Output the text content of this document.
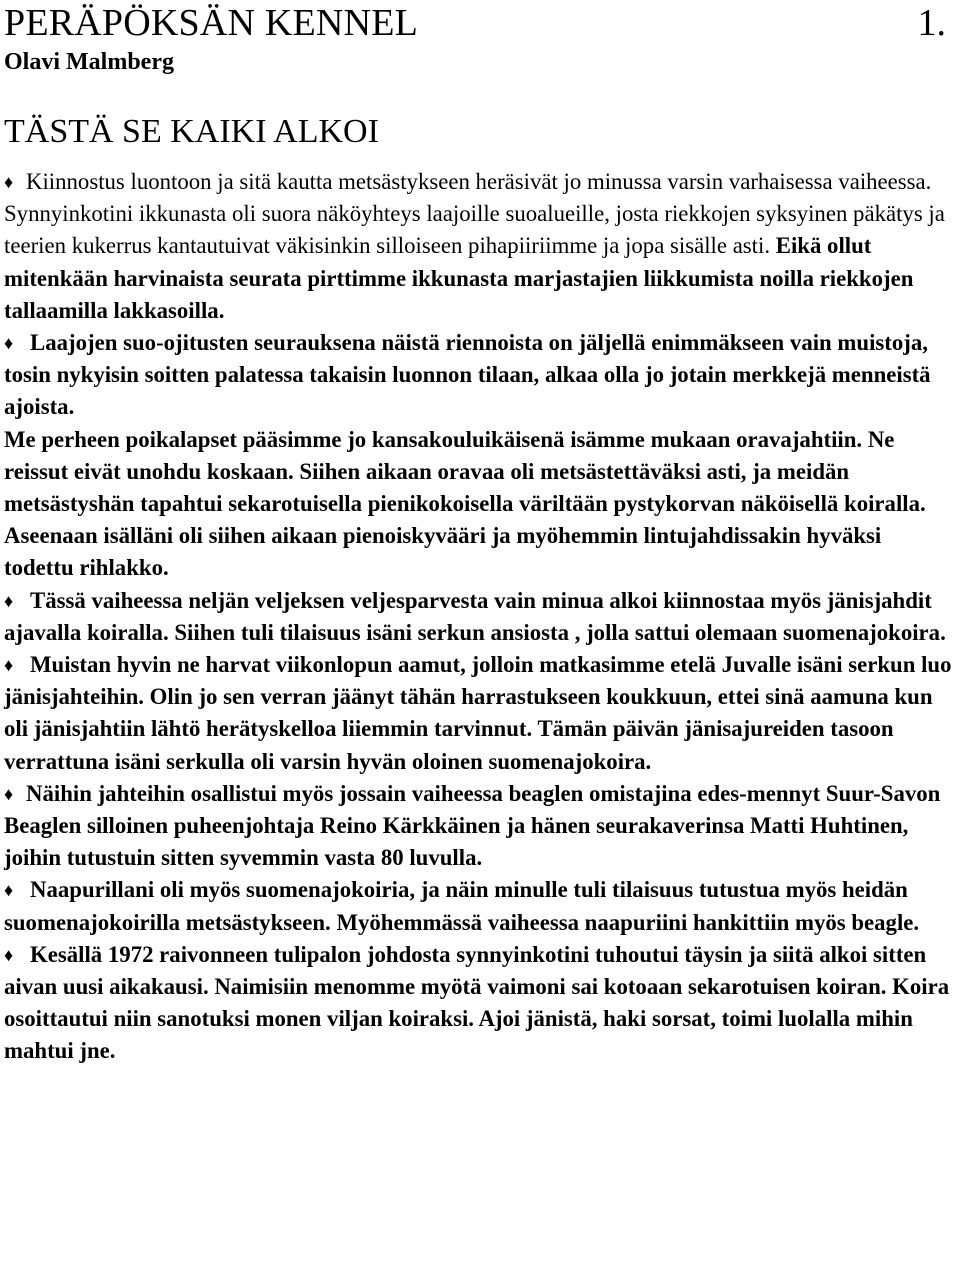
PERÄPÖKSÄN KENNEL	1.

Olavi Malmberg

TÄSTÄ SE KAIKI ALKOI

♦Kiinnostus luontoon ja sitä kautta metsästykseen heräsivät jo minussa varsin varhaisessa vaiheessa. Synnyinkotini ikkunasta oli suora näköyhteys laajoille suoalueille, josta riekkojen syksyinen päkätys ja teerien kukerrus kantautuivat väkisinkin silloiseen pihapiiriimme ja jopa sisälle asti. Eikä ollut mitenkään harvinaista seurata pirttimme ikkunasta marjastajien liikkumista noilla riekkojen tallaamilla lakkasoilla.

♦Laajojen suo-ojitusten seurauksena näistä riennoista on jäljellä enimmäkseen vain muistoja, tosin nykyisin soitten palatessa takaisin luonnon tilaan, alkaa olla jo jotain merkkejä menneistä ajoista.

Me perheen poikalapset pääsimme jo kansakouluikäisenä isämme mukaan oravajahtiin. Ne reissut eivät unohdu koskaan. Siihen aikaan oravaa oli metsästettäväksi asti, ja meidän metsästyshän tapahtui sekarotuisella pienikokoisella väriltään pystykorvan näköisellä koiralla. Aseenaan isälläni oli siihen aikaan pienoiskyvääri ja myöhemmin lintujahdissakin hyväksi todettu rihlakko.

♦Tässä vaiheessa neljän veljeksen veljesparvesta vain minua alkoi kiinnostaa myös jänisjahdit ajavalla koiralla. Siihen tuli tilaisuus isäni serkun ansiosta , jolla sattui olemaan suomenajokoira.

♦Muistan hyvin ne harvat viikonlopun aamut, jolloin matkasimme etelä Juvalle isäni serkun luo jänisjahteihin. Olin jo sen verran jäänyt tähän harrastukseen koukkuun, ettei sinä aamuna kun oli jänisjahtiin lähtö herätyskelloa liiemmin tarvinnut. Tämän päivän jänisajureiden tasoon verrattuna isäni serkulla oli varsin hyvän oloinen suomenajokoira.

♦Näihin jahteihin osallistui myös jossain vaiheessa beaglen omistajina edes-mennyt Suur-Savon Beaglen silloinen puheenjohtaja Reino Kärkkäinen ja hänen seurakaverinsa Matti Huhtinen, joihin tutustuin sitten syvemmin vasta 80 luvulla.

♦Naapurillani oli myös suomenajokoiria, ja näin minulle tuli tilaisuus tutustua myös heidän suomenajokoirilla metsästykseen. Myöhemmässä vaiheessa naapuriini hankittiin myös beagle.

♦Kesällä 1972 raivonneen tulipalon johdosta synnyinkotini tuhoutui täysin ja siitä alkoi sitten aivan uusi aikakausi. Naimisiin menomme myötä vaimoni sai kotoaan sekarotuisen koiran. Koira osoittautui niin sanotuksi monen viljan koiraksi. Ajoi jänistä, haki sorsat, toimi luolalla mihin mahtui jne.
